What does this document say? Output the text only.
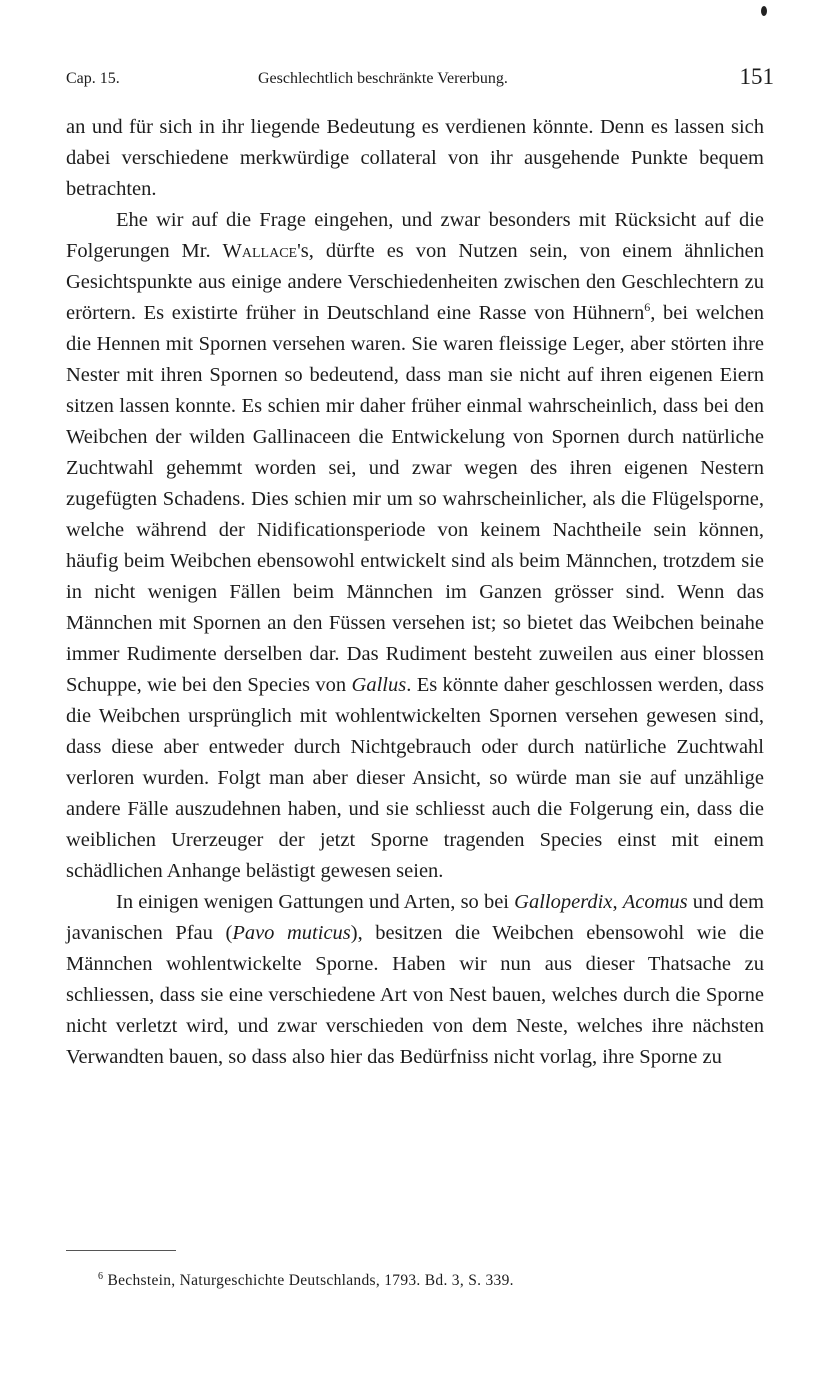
Cap. 15.	Geschlechtlich beschränkte Vererbung.	151

an und für sich in ihr liegende Bedeutung es verdienen könnte. Denn es lassen sich dabei verschiedene merkwürdige collateral von ihr ausgehende Punkte bequem betrachten.

Ehe wir auf die Frage eingehen, und zwar besonders mit Rücksicht auf die Folgerungen Mr. Wallace's, dürfte es von Nutzen sein, von einem ähnlichen Gesichtspunkte aus einige andere Verschiedenheiten zwischen den Geschlechtern zu erörtern. Es existirte früher in Deutschland eine Rasse von Hühnern$^6$, bei welchen die Hennen mit Spornen versehen waren. Sie waren fleissige Leger, aber störten ihre Nester mit ihren Spornen so bedeutend, dass man sie nicht auf ihren eigenen Eiern sitzen lassen konnte. Es schien mir daher früher einmal wahrscheinlich, dass bei den Weibchen der wilden Gallinaceen die Entwickelung von Spornen durch natürliche Zuchtwahl gehemmt worden sei, und zwar wegen des ihren eigenen Nestern zugefügten Schadens. Dies schien mir um so wahrscheinlicher, als die Flügelsporne, welche während der Nidificationsperiode von keinem Nachtheile sein können, häufig beim Weibchen ebensowohl entwickelt sind als beim Männchen, trotzdem sie in nicht wenigen Fällen beim Männchen im Ganzen grösser sind. Wenn das Männchen mit Spornen an den Füssen versehen ist; so bietet das Weibchen beinahe immer Rudimente derselben dar. Das Rudiment besteht zuweilen aus einer blossen Schuppe, wie bei den Species von Gallus. Es könnte daher geschlossen werden, dass die Weibchen ursprünglich mit wohlentwickelten Spornen versehen gewesen sind, dass diese aber entweder durch Nichtgebrauch oder durch natürliche Zuchtwahl verloren wurden. Folgt man aber dieser Ansicht, so würde man sie auf unzählige andere Fälle auszudehnen haben, und sie schliesst auch die Folgerung ein, dass die weiblichen Urerzeuger der jetzt Sporne tragenden Species einst mit einem schädlichen Anhange belästigt gewesen seien.

In einigen wenigen Gattungen und Arten, so bei Galloperdix, Acomus und dem javanischen Pfau (Pavo muticus), besitzen die Weibchen ebensowohl wie die Männchen wohlentwickelte Sporne. Haben wir nun aus dieser Thatsache zu schliessen, dass sie eine verschiedene Art von Nest bauen, welches durch die Sporne nicht verletzt wird, und zwar verschieden von dem Neste, welches ihre nächsten Verwandten bauen, so dass also hier das Bedürfniss nicht vorlag, ihre Sporne zu

$^6$ Bechstein, Naturgeschichte Deutschlands, 1793. Bd. 3, S. 339.
